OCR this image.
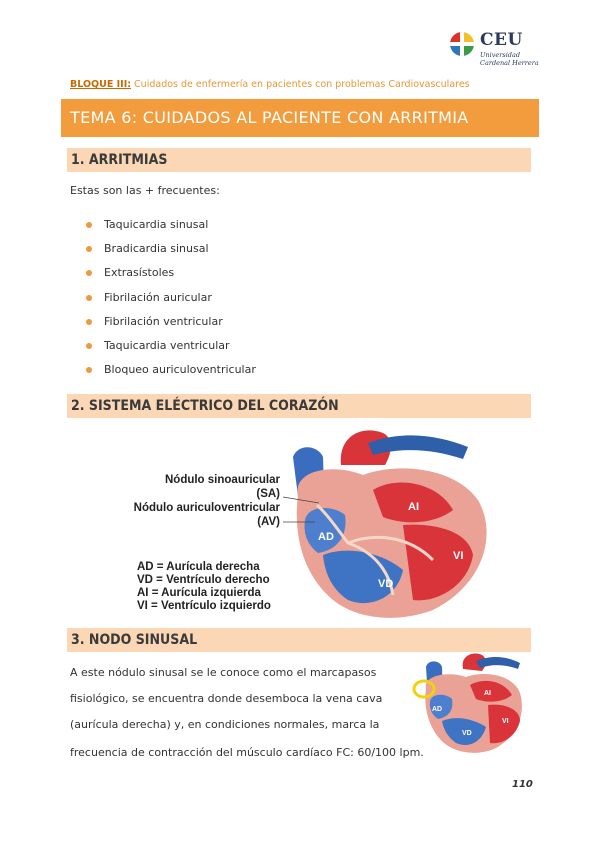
CEU
Universidad
Cardenal Herrera
BLOQUE III: Cuidados de enfermería en pacientes con problemas Cardiovasculares
TEMA 6: CUIDADOS AL PACIENTE CON ARRITMIA
1. ARRITMIAS
Estas son las + frecuentes:
Taquicardia sinusal
Bradicardia sinusal
Extrasístoles
Fibrilación auricular
Fibrilación ventricular
Taquicardia ventricular
Bloqueo auriculoventricular
2. SISTEMA ELÉCTRICO DEL CORAZÓN
Nódulo sinoauricular
(SA)
Nódulo auriculoventricular
(AV)
AD = Aurícula derecha
VD = Ventrículo derecho
AI = Aurícula izquierda
VI = Ventrículo izquierdo
AI
AD
VI
VD
3. NODO SINUSAL
A este nódulo sinusal se le conoce como el marcapasos
fisiológico, se encuentra donde desemboca la vena cava
(aurícula derecha) y, en condiciones normales, marca la
frecuencia de contracción del músculo cardíaco FC: 60/100 lpm.
AI
AD
VI
VD
110
